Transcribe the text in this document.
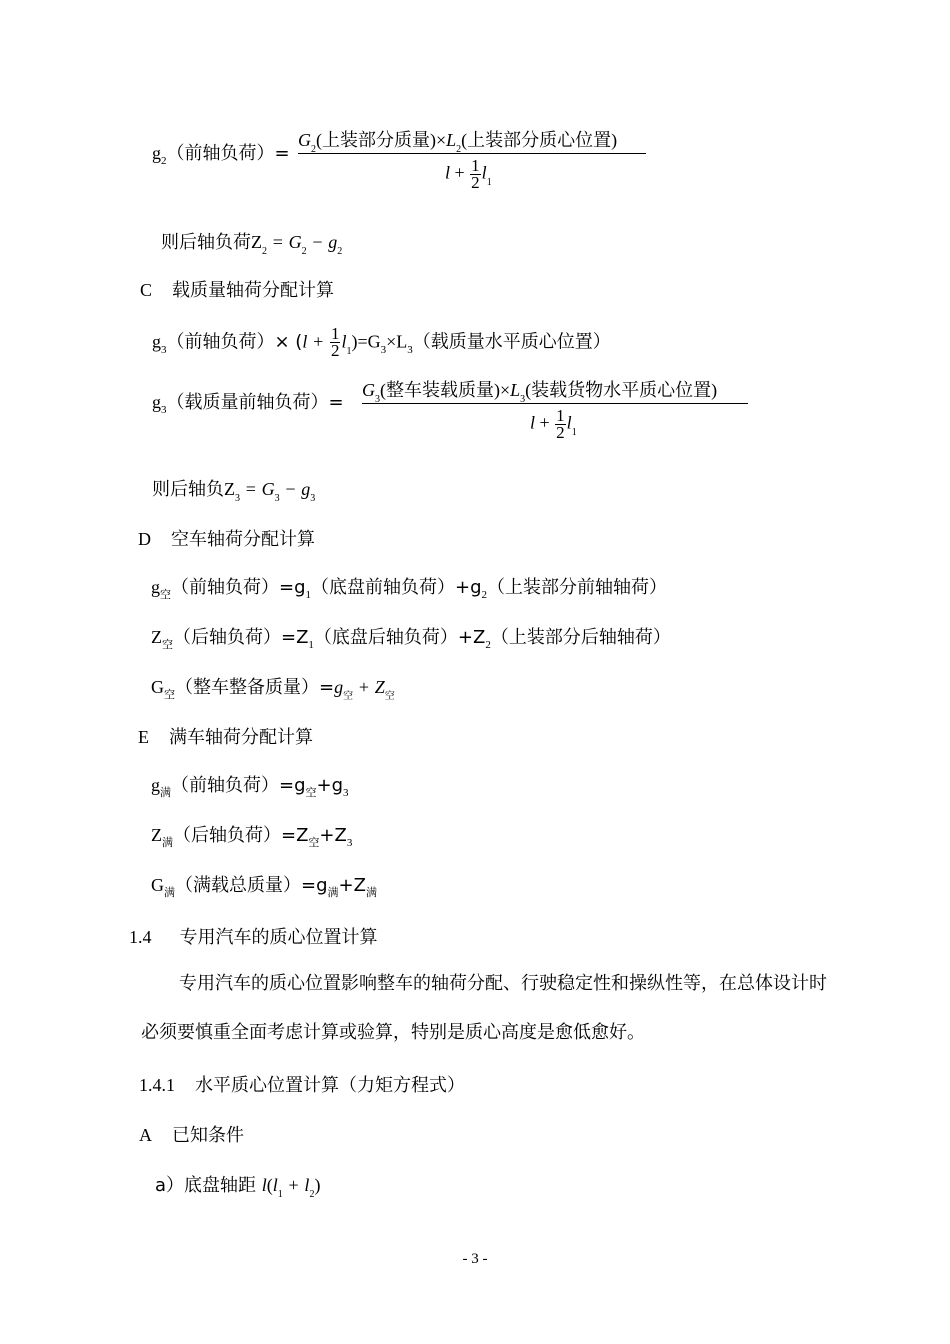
$g_2$（前轴负荷）=
$G_2$(上装部分质量)$\times L_2$(上装部分质心位置)
$l + \frac{1}{2} l_1$
则后轴负荷$Z_2 = G_2 - g_2$
C 载质量轴荷分配计算
$g_3$（前轴负荷）× $(l + \frac{1}{2} l_1)=G_3\times L_3$（载质量水平质心位置）
$g_3$（载质量前轴负荷）=
$G_3$(整车装载质量)$\times L_3$(装载货物水平质心位置)
$l + \frac{1}{2} l_1$
则后轴负$Z_3 = G_3 - g_3$
D 空车轴荷分配计算
$g_空$（前轴负荷）$=g_1$（底盘前轴负荷）$+g_2$（上装部分前轴轴荷）
$Z_空$（后轴负荷）$=Z_1$（底盘后轴负荷）$+Z_2$（上装部分后轴轴荷）
$G_空$（整车整备质量）$=g_空 + Z_空$
E 满车轴荷分配计算
$g_满$（前轴负荷）$=g_空+g_3$
$Z_满$（后轴负荷）$=Z_空+Z_3$
$G_满$（满载总质量）$=g_满+Z_满$
1.4 专用汽车的质心位置计算
专用汽车的质心位置影响整车的轴荷分配、行驶稳定性和操纵性等，在总体设计时
必须要慎重全面考虑计算或验算，特别是质心高度是愈低愈好。
1.4.1 水平质心位置计算（力矩方程式）
A 已知条件
a）底盘轴距 $l(l_1 + l_2)$
- 3 -
